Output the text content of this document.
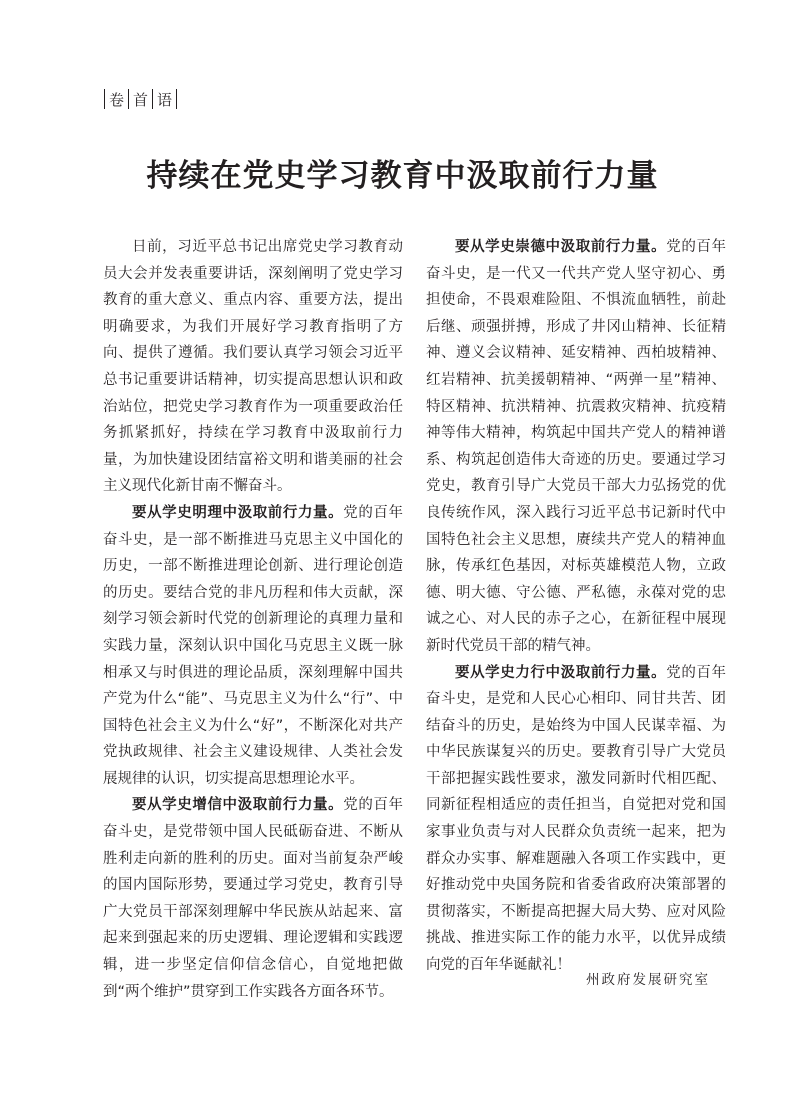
卷 首 语
持续在党史学习教育中汲取前行力量

日前，习近平总书记出席党史学习教育动员大会并发表重要讲话，深刻阐明了党史学习教育的重大意义、重点内容、重要方法，提出明确要求，为我们开展好学习教育指明了方向、提供了遵循。我们要认真学习领会习近平总书记重要讲话精神，切实提高思想认识和政治站位，把党史学习教育作为一项重要政治任务抓紧抓好，持续在学习教育中汲取前行力量，为加快建设团结富裕文明和谐美丽的社会主义现代化新甘南不懈奋斗。

要从学史明理中汲取前行力量。党的百年奋斗史，是一部不断推进马克思主义中国化的历史，一部不断推进理论创新、进行理论创造的历史。要结合党的非凡历程和伟大贡献，深刻学习领会新时代党的创新理论的真理力量和实践力量，深刻认识中国化马克思主义既一脉相承又与时俱进的理论品质，深刻理解中国共产党为什么“能”、马克思主义为什么“行”、中国特色社会主义为什么“好”，不断深化对共产党执政规律、社会主义建设规律、人类社会发展规律的认识，切实提高思想理论水平。

要从学史增信中汲取前行力量。党的百年奋斗史，是党带领中国人民砥砺奋进、不断从胜利走向新的胜利的历史。面对当前复杂严峻的国内国际形势，要通过学习党史，教育引导广大党员干部深刻理解中华民族从站起来、富起来到强起来的历史逻辑、理论逻辑和实践逻辑，进一步坚定信仰信念信心，自觉地把做到“两个维护”贯穿到工作实践各方面各环节。

要从学史崇德中汲取前行力量。党的百年奋斗史，是一代又一代共产党人坚守初心、勇担使命，不畏艰难险阻、不惧流血牺牲，前赴后继、顽强拼搏，形成了井冈山精神、长征精神、遵义会议精神、延安精神、西柏坡精神、红岩精神、抗美援朝精神、“两弹一星”精神、特区精神、抗洪精神、抗震救灾精神、抗疫精神等伟大精神，构筑起中国共产党人的精神谱系、构筑起创造伟大奇迹的历史。要通过学习党史，教育引导广大党员干部大力弘扬党的优良传统作风，深入践行习近平总书记新时代中国特色社会主义思想，赓续共产党人的精神血脉，传承红色基因，对标英雄模范人物，立政德、明大德、守公德、严私德，永葆对党的忠诚之心、对人民的赤子之心，在新征程中展现新时代党员干部的精气神。

要从学史力行中汲取前行力量。党的百年奋斗史，是党和人民心心相印、同甘共苦、团结奋斗的历史，是始终为中国人民谋幸福、为中华民族谋复兴的历史。要教育引导广大党员干部把握实践性要求，激发同新时代相匹配、同新征程相适应的责任担当，自觉把对党和国家事业负责与对人民群众负责统一起来，把为群众办实事、解难题融入各项工作实践中，更好推动党中央国务院和省委省政府决策部署的贯彻落实，不断提高把握大局大势、应对风险挑战、推进实际工作的能力水平，以优异成绩向党的百年华诞献礼！

州政府发展研究室
